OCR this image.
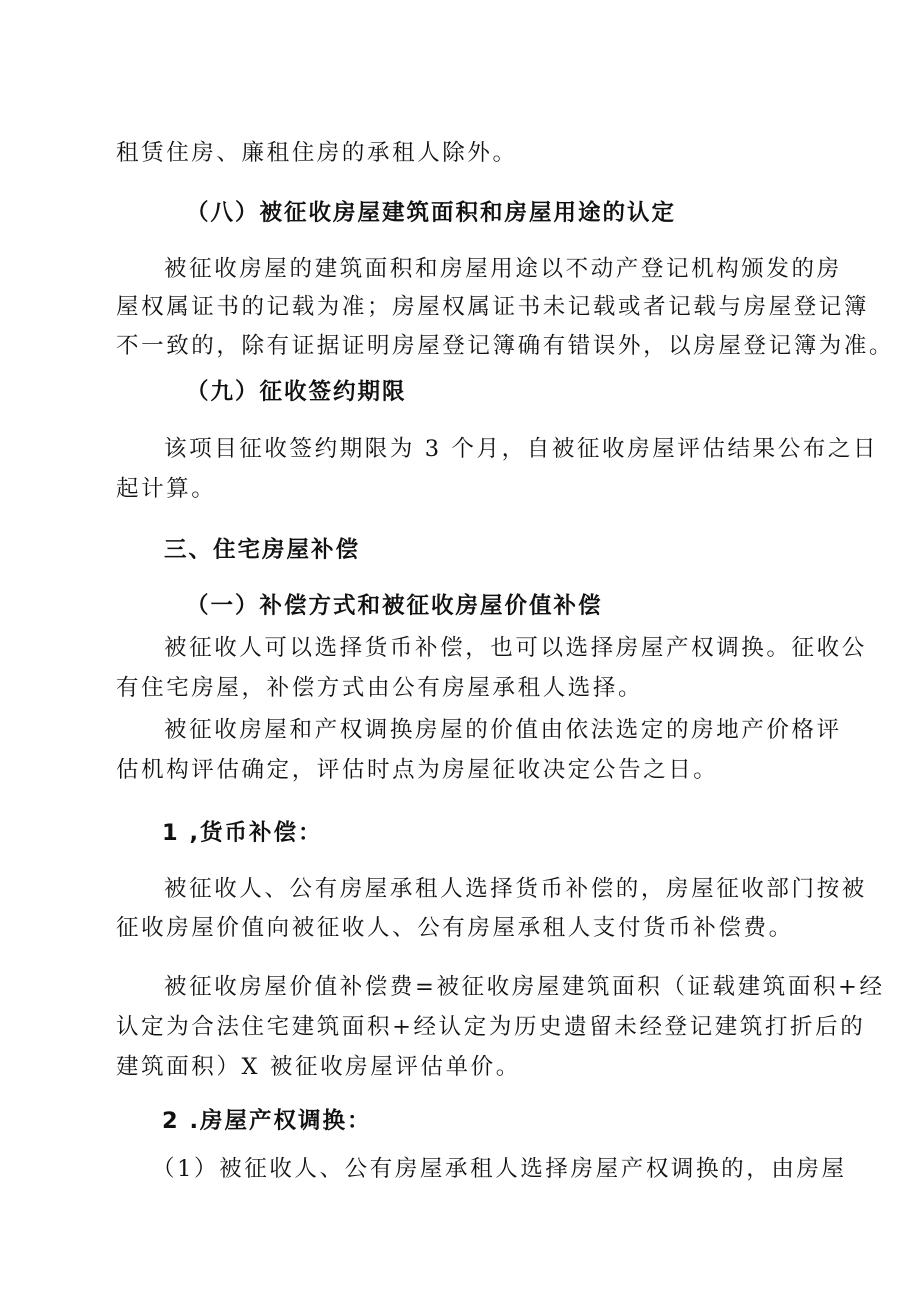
租赁住房、廉租住房的承租人除外。
（八）被征收房屋建筑面积和房屋用途的认定
被征收房屋的建筑面积和房屋用途以不动产登记机构颁发的房
屋权属证书的记载为准；房屋权属证书未记载或者记载与房屋登记簿
不一致的，除有证据证明房屋登记簿确有错误外，以房屋登记簿为准。
（九）征收签约期限
该项目征收签约期限为 3 个月，自被征收房屋评估结果公布之日
起计算。
三、住宅房屋补偿
（一）补偿方式和被征收房屋价值补偿
被征收人可以选择货币补偿，也可以选择房屋产权调换。征收公
有住宅房屋，补偿方式由公有房屋承租人选择。
被征收房屋和产权调换房屋的价值由依法选定的房地产价格评
估机构评估确定，评估时点为房屋征收决定公告之日。
1 ,货币补偿：
被征收人、公有房屋承租人选择货币补偿的，房屋征收部门按被
征收房屋价值向被征收人、公有房屋承租人支付货币补偿费。
被征收房屋价值补偿费=被征收房屋建筑面积（证载建筑面积+经
认定为合法住宅建筑面积+经认定为历史遗留未经登记建筑打折后的
建筑面积）X 被征收房屋评估单价。
2 .房屋产权调换：
（1）被征收人、公有房屋承租人选择房屋产权调换的，由房屋
